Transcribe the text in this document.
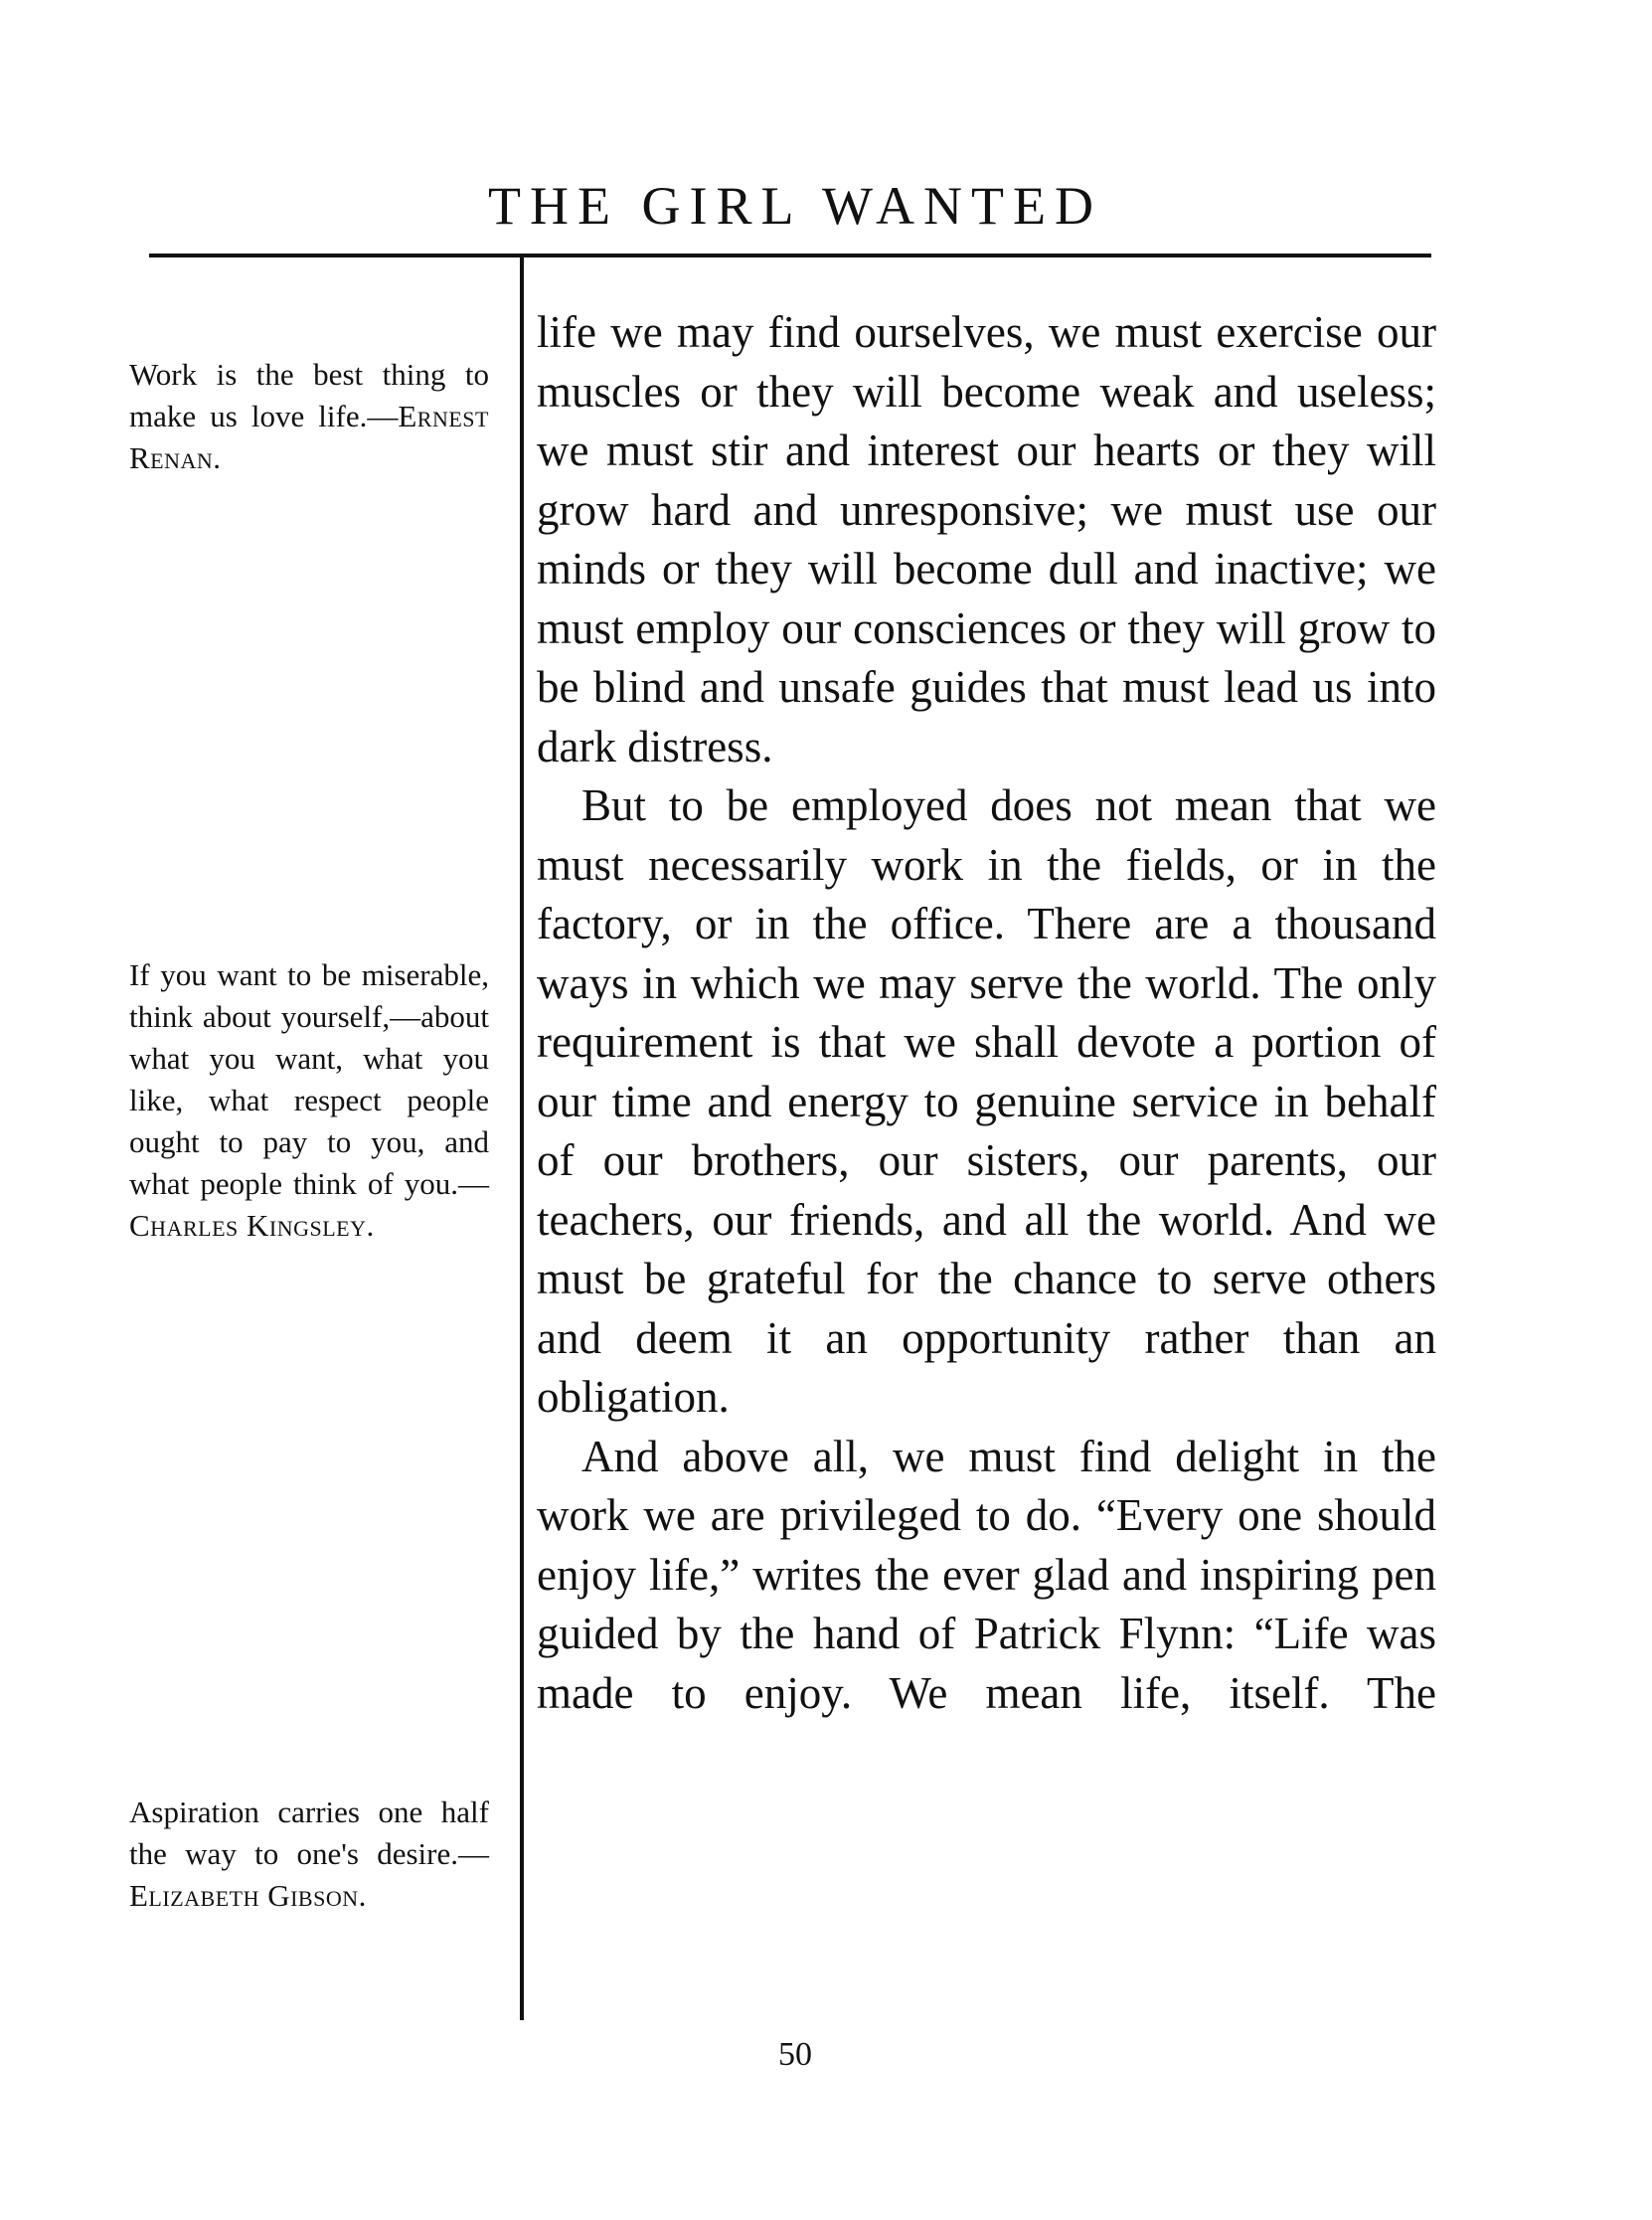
THE GIRL WANTED
Work is the best thing to make us love life.—Ernest Renan.
If you want to be miserable, think about yourself,—about what you want, what you like, what respect people ought to pay to you, and what people think of you.—Charles Kingsley.
Aspiration carries one half the way to one's desire.— Elizabeth Gibson.

life we may find ourselves, we must exercise our muscles or they will become weak and useless; we must stir and interest our hearts or they will grow hard and unresponsive; we must use our minds or they will become dull and inactive; we must employ our consciences or they will grow to be blind and unsafe guides that must lead us into dark distress.

But to be employed does not mean that we must necessarily work in the fields, or in the factory, or in the office. There are a thousand ways in which we may serve the world. The only requirement is that we shall devote a portion of our time and energy to genuine service in behalf of our brothers, our sisters, our parents, our teachers, our friends, and all the world. And we must be grateful for the chance to serve others and deem it an opportunity rather than an obligation.

And above all, we must find delight in the work we are privileged to do. “Every one should enjoy life,” writes the ever glad and inspiring pen guided by the hand of Patrick Flynn: “Life was made to enjoy. We mean life, itself. The

50
